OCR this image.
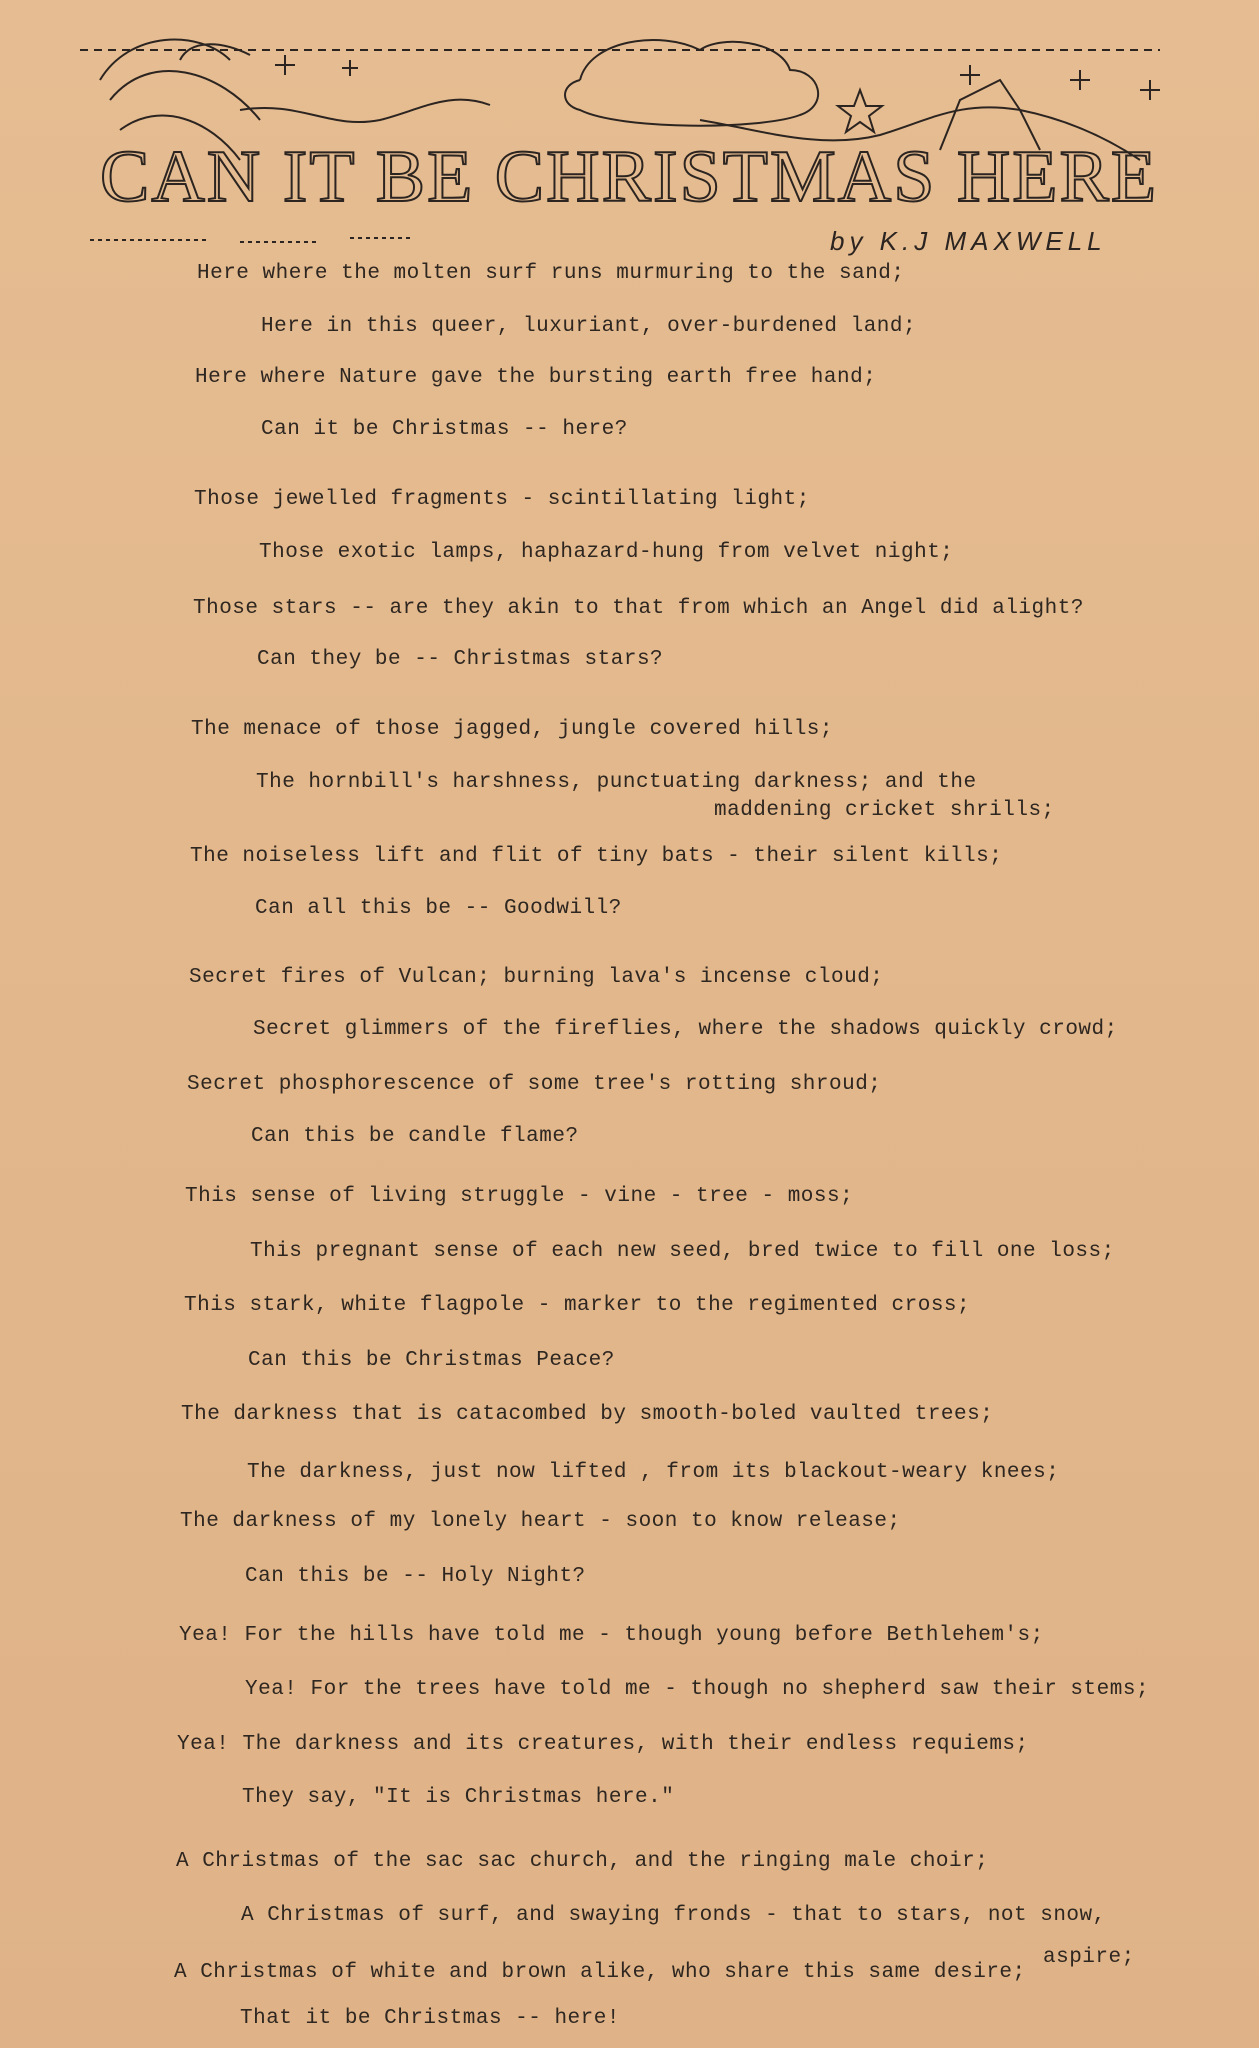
CAN IT BE CHRISTMAS HERE
by K.J MAXWELL
Here where the molten surf runs murmuring to the sand;
Here in this queer, luxuriant, over-burdened land;
Here where Nature gave the bursting earth free hand;
Can it be Christmas -- here?
Those jewelled fragments - scintillating light;
Those exotic lamps, haphazard-hung from velvet night;
Those stars -- are they akin to that from which an Angel did alight?
Can they be -- Christmas stars?
The menace of those jagged, jungle covered hills;
The hornbill's harshness, punctuating darkness; and the
maddening cricket shrills;
The noiseless lift and flit of tiny bats - their silent kills;
Can all this be -- Goodwill?
Secret fires of Vulcan; burning lava's incense cloud;
Secret glimmers of the fireflies, where the shadows quickly crowd;
Secret phosphorescence of some tree's rotting shroud;
Can this be candle flame?
This sense of living struggle - vine - tree - moss;
This pregnant sense of each new seed, bred twice to fill one loss;
This stark, white flagpole - marker to the regimented cross;
Can this be Christmas Peace?
The darkness that is catacombed by smooth-boled vaulted trees;
The darkness, just now lifted , from its blackout-weary knees;
The darkness of my lonely heart - soon to know release;
Can this be -- Holy Night?
Yea! For the hills have told me - though young before Bethlehem's;
Yea! For the trees have told me - though no shepherd saw their stems;
Yea! The darkness and its creatures, with their endless requiems;
They say, "It is Christmas here."
A Christmas of the sac sac church, and the ringing male choir;
A Christmas of surf, and swaying fronds - that to stars, not snow,
aspire;
A Christmas of white and brown alike, who share this same desire;
That it be Christmas -- here!
